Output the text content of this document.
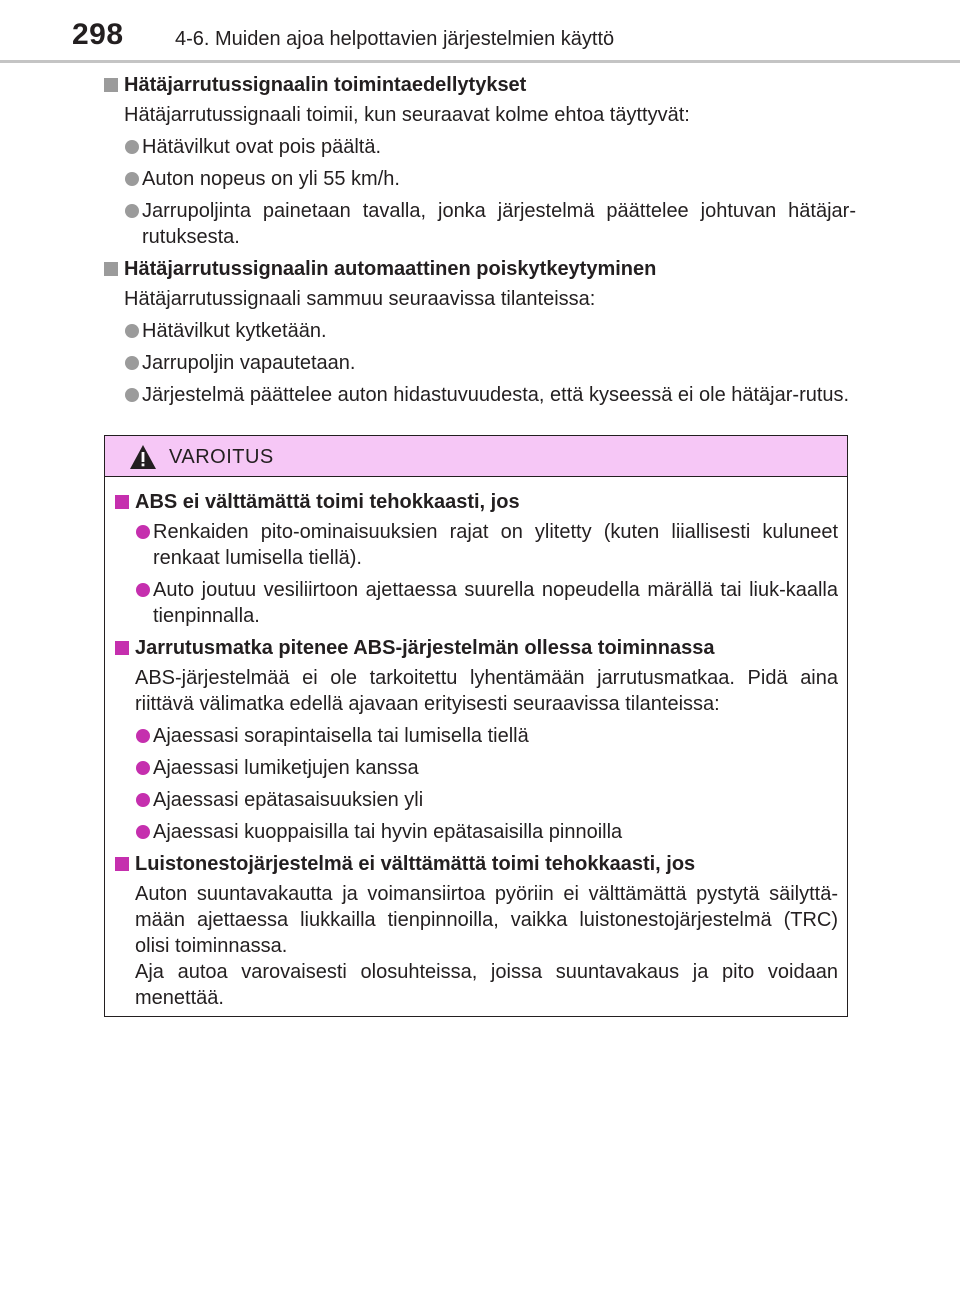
298	4-6. Muiden ajoa helpottavien järjestelmien käyttö
Hätäjarrutussignaalin toimintaedellytykset
Hätäjarrutussignaali toimii, kun seuraavat kolme ehtoa täyttyvät:
Hätävilkut ovat pois päältä.
Auton nopeus on yli 55 km/h.
Jarrupoljinta painetaan tavalla, jonka järjestelmä päättelee johtuvan hätäjar-rutuksesta.
Hätäjarrutussignaalin automaattinen poiskytkeytyminen
Hätäjarrutussignaali sammuu seuraavissa tilanteissa:
Hätävilkut kytketään.
Jarrupoljin vapautetaan.
Järjestelmä päättelee auton hidastuvuudesta, että kyseessä ei ole hätäjar-rutus.
VAROITUS
ABS ei välttämättä toimi tehokkaasti, jos
Renkaiden pito-ominaisuuksien rajat on ylitetty (kuten liiallisesti kuluneet renkaat lumisella tiellä).
Auto joutuu vesiliirtoon ajettaessa suurella nopeudella märällä tai liuk-kaalla tienpinnalla.
Jarrutusmatka pitenee ABS-järjestelmän ollessa toiminnassa
ABS-järjestelmää ei ole tarkoitettu lyhentämään jarrutusmatkaa. Pidä aina riittävä välimatka edellä ajavaan erityisesti seuraavissa tilanteissa:
Ajaessasi sorapintaisella tai lumisella tiellä
Ajaessasi lumiketjujen kanssa
Ajaessasi epätasaisuuksien yli
Ajaessasi kuoppaisilla tai hyvin epätasaisilla pinnoilla
Luistonestojärjestelmä ei välttämättä toimi tehokkaasti, jos
Auton suuntavakautta ja voimansiirtoa pyöriin ei välttämättä pystytä säilyttä-mään ajettaessa liukkailla tienpinnoilla, vaikka luistonestojärjestelmä (TRC) olisi toiminnassa.
Aja autoa varovaisesti olosuhteissa, joissa suuntavakaus ja pito voidaan menettää.
